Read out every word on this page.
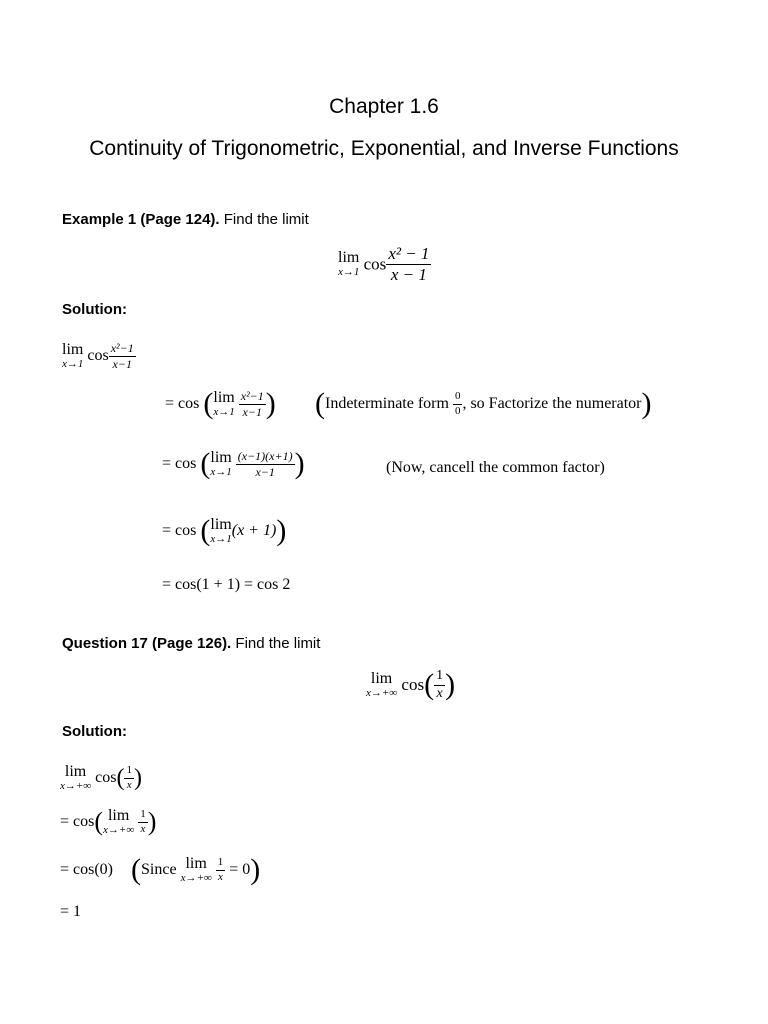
Chapter 1.6
Continuity of Trigonometric, Exponential, and Inverse Functions
Example 1 (Page 124). Find the limit
lim
x→1 $\cos \frac{\text{x² − 1}}{x - 1}$
Solution:
lim
x→1 $\cos \frac{\text{x²−1}}{x-1}$
= cos ( lim
x→1
$\frac{\text{x²−1}}{x-1}$ ) (Indeterminate form $\frac{0}{0}$ , so Factorize the numerator)
= cos ( lim
x→1
$\frac{(x-1)(x+1)}{x-1}$ )	(Now, cancell the common factor)
= cos ( lim
x→1 (x + 1))
= cos(1 + 1) = cos 2
Question 17 (Page 126). Find the limit
lim
x→+∞ $\cos( \frac{1}{x}$ )
Solution:
lim
x→+∞ $\cos( \frac{1}{x}$ )
= cos( lim
x→+∞
$\frac{1}{x}$ )
= cos(0) (Since lim
x→+∞
$\frac{1}{x} = 0$)
= 1
